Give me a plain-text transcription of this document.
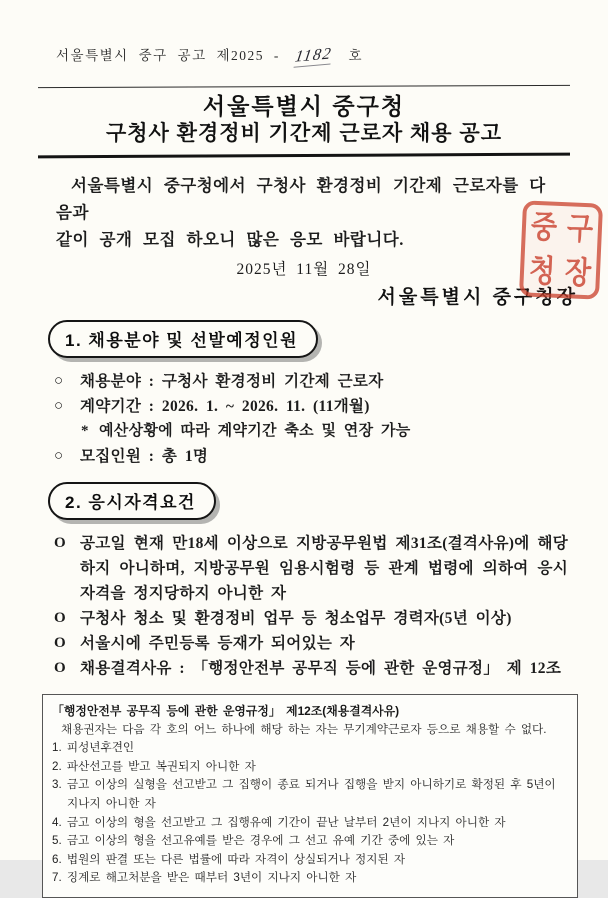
서울특별시 중구 공고 제2025 - 1182 호
서울특별시 중구청
구청사 환경정비 기간제 근로자 채용 공고
서울특별시 중구청에서 구청사 환경정비 기간제 근로자를 다음과
같이 공개 모집 하오니 많은 응모 바랍니다.
2025년 11월 28일
서울특별시 중구청장
중 구
청 장
1. 채용분야 및 선발예정인원
○	채용분야 : 구청사 환경정비 기간제 근로자
○	계약기간 : 2026. 1. ~ 2026. 11. (11개월)
* 예산상황에 따라 계약기간 축소 및 연장 가능
○	모집인원 : 총 1명
2. 응시자격요건
O 공고일 현재 만18세 이상으로 지방공무원법 제31조(결격사유)에 해당하지 아니하며, 지방공무원 임용시험령 등 관계 법령에 의하여 응시자격을 정지당하지 아니한 자
O 구청사 청소 및 환경정비 업무 등 청소업무 경력자(5년 이상)
O 서울시에 주민등록 등재가 되어있는 자
O 채용결격사유 : 「행정안전부 공무직 등에 관한 운영규정」 제 12조
「행정안전부 공무직 등에 관한 운영규정」 제12조(채용결격사유)
채용권자는 다음 각 호의 어느 하나에 해당 하는 자는 무기계약근로자 등으로 채용할 수 없다.
1. 피성년후견인
2. 파산선고를 받고 복권되지 아니한 자
3. 금고 이상의 실형을 선고받고 그 집행이 종료 되거나 집행을 받지 아니하기로 확정된 후 5년이 지나지 아니한 자
4. 금고 이상의 형을 선고받고 그 집행유예 기간이 끝난 날부터 2년이 지나지 아니한 자
5. 금고 이상의 형을 선고유예를 받은 경우에 그 선고 유예 기간 중에 있는 자
6. 법원의 판결 또는 다른 법률에 따라 자격이 상실되거나 정지된 자
7. 징계로 해고처분을 받은 때부터 3년이 지나지 아니한 자
